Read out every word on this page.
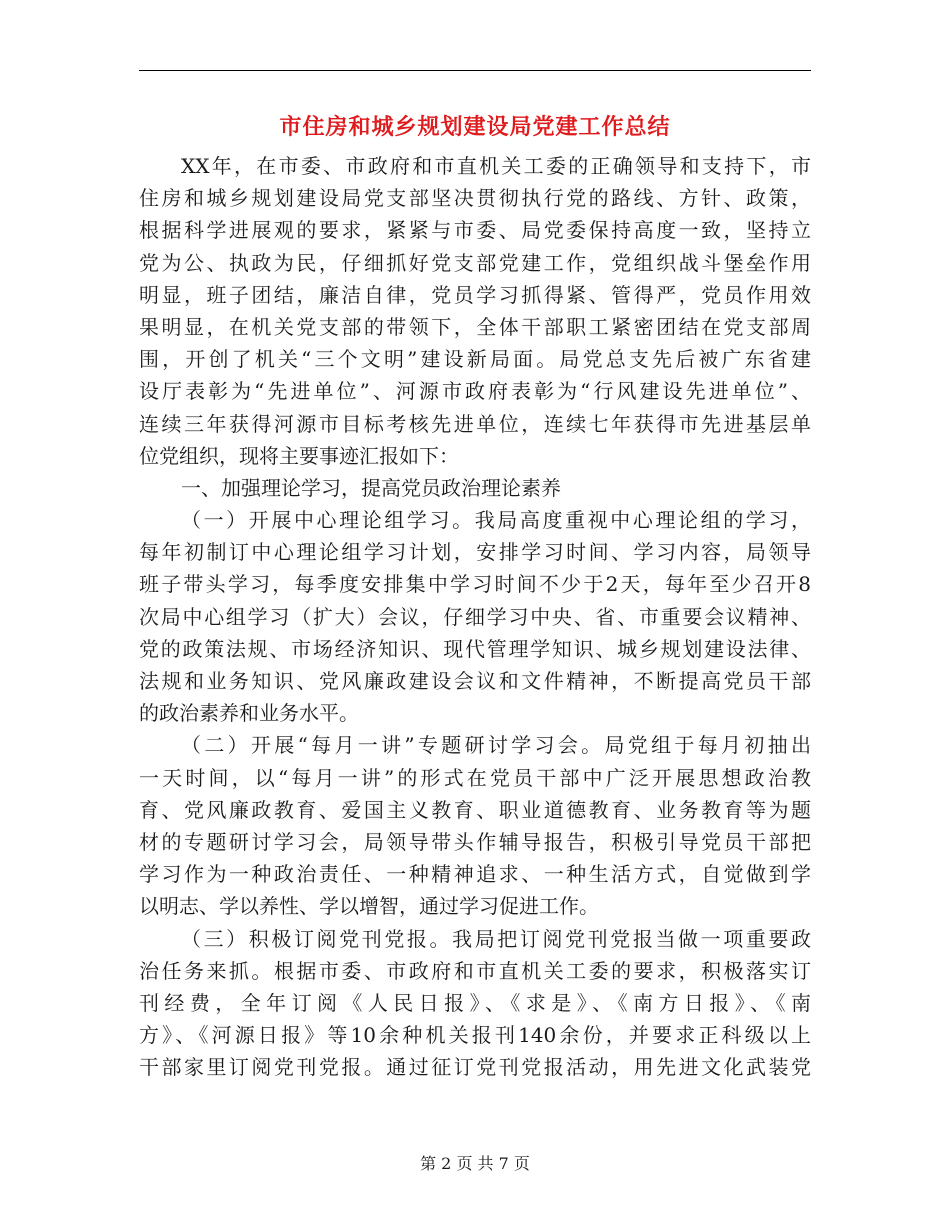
市住房和城乡规划建设局党建工作总结
XX年，在市委、市政府和市直机关工委的正确领导和支持下，市
住房和城乡规划建设局党支部坚决贯彻执行党的路线、方针、政策，
根据科学进展观的要求，紧紧与市委、局党委保持高度一致，坚持立
党为公、执政为民，仔细抓好党支部党建工作，党组织战斗堡垒作用
明显，班子团结，廉洁自律，党员学习抓得紧、管得严，党员作用效
果明显，在机关党支部的带领下，全体干部职工紧密团结在党支部周
围，开创了机关“三个文明”建设新局面。局党总支先后被广东省建
设厅表彰为“先进单位”、河源市政府表彰为“行风建设先进单位”、
连续三年获得河源市目标考核先进单位，连续七年获得市先进基层单
位党组织，现将主要事迹汇报如下：
一、加强理论学习，提高党员政治理论素养
（一）开展中心理论组学习。我局高度重视中心理论组的学习，
每年初制订中心理论组学习计划，安排学习时间、学习内容，局领导
班子带头学习，每季度安排集中学习时间不少于2天，每年至少召开8
次局中心组学习（扩大）会议，仔细学习中央、省、市重要会议精神、
党的政策法规、市场经济知识、现代管理学知识、城乡规划建设法律、
法规和业务知识、党风廉政建设会议和文件精神，不断提高党员干部
的政治素养和业务水平。
（二）开展“每月一讲”专题研讨学习会。局党组于每月初抽出
一天时间，以“每月一讲”的形式在党员干部中广泛开展思想政治教
育、党风廉政教育、爱国主义教育、职业道德教育、业务教育等为题
材的专题研讨学习会，局领导带头作辅导报告，积极引导党员干部把
学习作为一种政治责任、一种精神追求、一种生活方式，自觉做到学
以明志、学以养性、学以增智，通过学习促进工作。
（三）积极订阅党刊党报。我局把订阅党刊党报当做一项重要政
治任务来抓。根据市委、市政府和市直机关工委的要求，积极落实订
刊经费，全年订阅《人民日报》、《求是》、《南方日报》、《南
方》、《河源日报》等10余种机关报刊140余份，并要求正科级以上
干部家里订阅党刊党报。通过征订党刊党报活动，用先进文化武装党
第 2 页 共 7 页
